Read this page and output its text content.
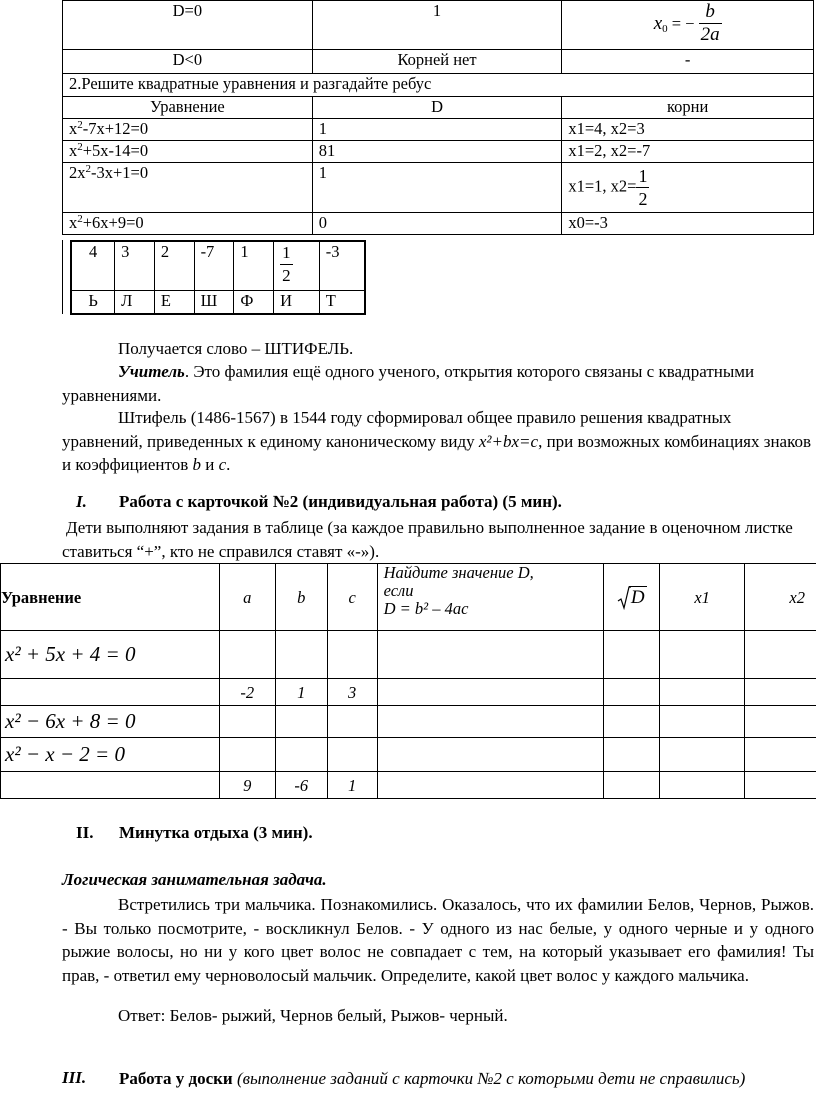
D=0	1	$x_0$ = − $\frac{b}{2a}$

D<0	Корней нет	-
2.Решите квадратные уравнения и разгадайте ребус		
Уравнение	D	корни
$x^2-7x+12=0$	1	x1=4, x2=3
$x^2+5x-14=0$	81	x1=2, x2=-7
$2x^2-3x+1=0$	1	x1=1, $x2= \frac{1}{2}$

$x^2+6x+9=0$	0	x0=-3
4	3	2	-7	1	$\frac{1}{2}$	-3
Ь	Л	Е	Ш	Ф	И	Т
Получается слово – ШТИФЕЛЬ.
Учитель. Это фамилия ещё одного ученого, открытия которого связаны с квадратными уравнениями.
Штифель (1486-1567) в 1544 году сформировал общее правило решения квадратных уравнений, приведенных к единому каноническому виду x²+bx=c, при возможных комбинациях знаков и коэффициентов b и c.
I. Работа с карточкой №2 (индивидуальная работа) (5 мин).
Дети выполняют задания в таблице (за каждое правильно выполненное задание в оценочном листке ставиться “+”, кто не справился ставят «-»).
Уравнение	a	b	c	Найдите значение D,
если
D = b² – 4ac	D	x1	x2
x² + 5x + 4 = 0							
	-2	1	3				
x² − 6x + 8 = 0							
x² − x − 2 = 0							
	9	-6	1				
II. Минутка отдыха (3 мин).
Логическая занимательная задача.
Встретились три мальчика. Познакомились. Оказалось, что их фамилии Белов, Чернов, Рыжов. - Вы только посмотрите, - воскликнул Белов. - У одного из нас белые, у одного черные и у одного рыжие волосы, но ни у кого цвет волос не совпадает с тем, на который указывает его фамилия! Ты прав, - ответил ему черноволосый мальчик. Определите, какой цвет волос у каждого мальчика.
Ответ: Белов- рыжий, Чернов белый, Рыжов- черный.
III. Работа у доски (выполнение заданий с карточки №2 с которыми дети не справились)
